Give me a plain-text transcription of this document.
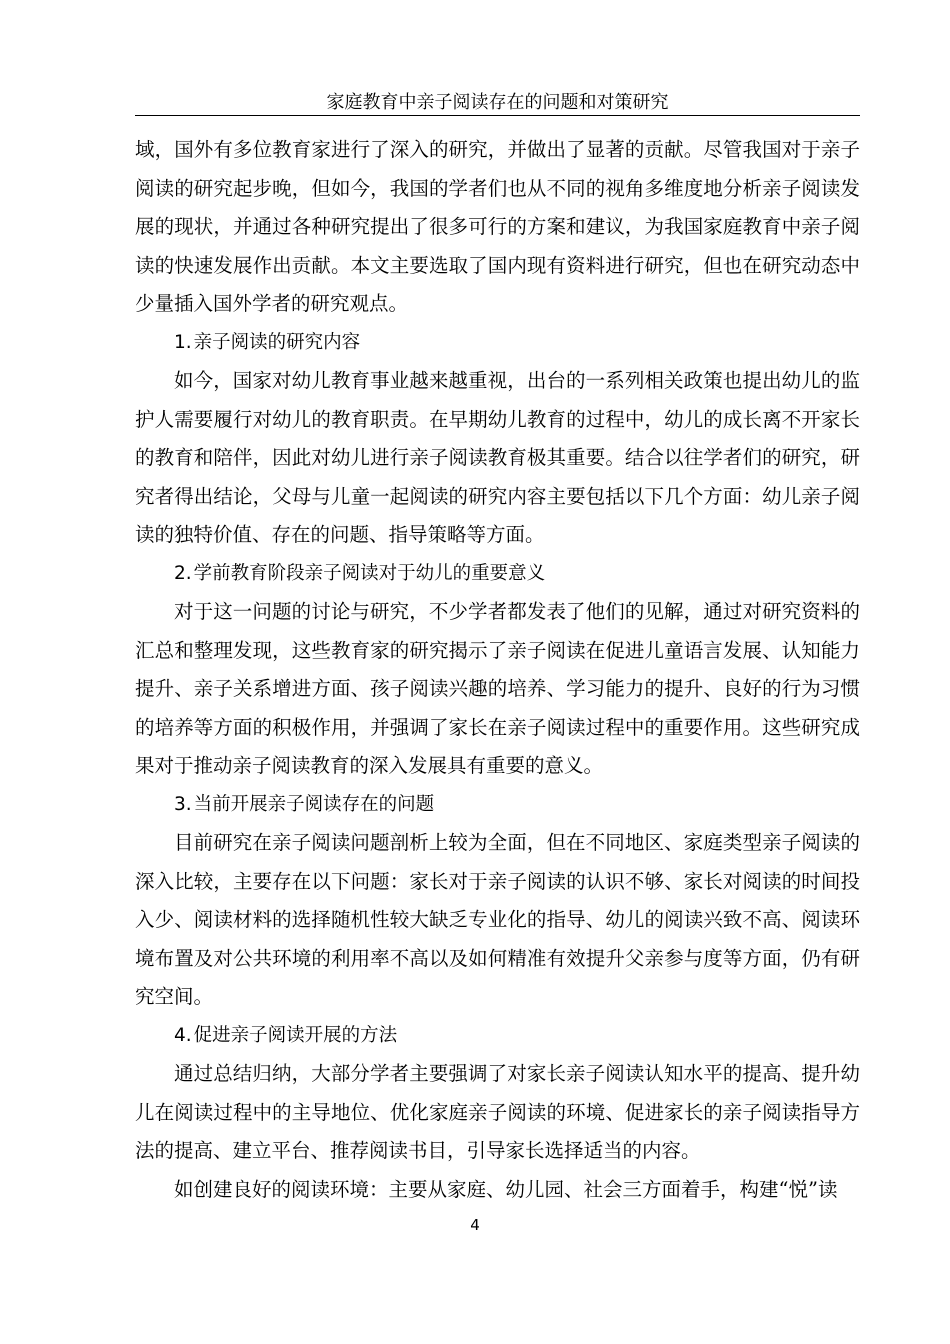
家庭教育中亲子阅读存在的问题和对策研究

域，国外有多位教育家进行了深入的研究，并做出了显著的贡献。尽管我国对于亲子阅读的研究起步晚，但如今，我国的学者们也从不同的视角多维度地分析亲子阅读发展的现状，并通过各种研究提出了很多可行的方案和建议，为我国家庭教育中亲子阅读的快速发展作出贡献。本文主要选取了国内现有资料进行研究，但也在研究动态中少量插入国外学者的研究观点。

1. 亲子阅读的研究内容

如今，国家对幼儿教育事业越来越重视，出台的一系列相关政策也提出幼儿的监护人需要履行对幼儿的教育职责。在早期幼儿教育的过程中，幼儿的成长离不开家长的教育和陪伴，因此对幼儿进行亲子阅读教育极其重要。结合以往学者们的研究，研究者得出结论，父母与儿童一起阅读的研究内容主要包括以下几个方面：幼儿亲子阅读的独特价值、存在的问题、指导策略等方面。

2. 学前教育阶段亲子阅读对于幼儿的重要意义

对于这一问题的讨论与研究，不少学者都发表了他们的见解，通过对研究资料的汇总和整理发现，这些教育家的研究揭示了亲子阅读在促进儿童语言发展、认知能力提升、亲子关系增进方面、孩子阅读兴趣的培养、学习能力的提升、良好的行为习惯的培养等方面的积极作用，并强调了家长在亲子阅读过程中的重要作用。这些研究成果对于推动亲子阅读教育的深入发展具有重要的意义。

3. 当前开展亲子阅读存在的问题

目前研究在亲子阅读问题剖析上较为全面，但在不同地区、家庭类型亲子阅读的深入比较，主要存在以下问题：家长对于亲子阅读的认识不够、家长对阅读的时间投入少、阅读材料的选择随机性较大缺乏专业化的指导、幼儿的阅读兴致不高、阅读环境布置及对公共环境的利用率不高以及如何精准有效提升父亲参与度等方面，仍有研究空间。

4. 促进亲子阅读开展的方法

通过总结归纳，大部分学者主要强调了对家长亲子阅读认知水平的提高、提升幼儿在阅读过程中的主导地位、优化家庭亲子阅读的环境、促进家长的亲子阅读指导方法的提高、建立平台、推荐阅读书目，引导家长选择适当的内容。

如创建良好的阅读环境：主要从家庭、幼儿园、社会三方面着手，构建“悦”读

4
